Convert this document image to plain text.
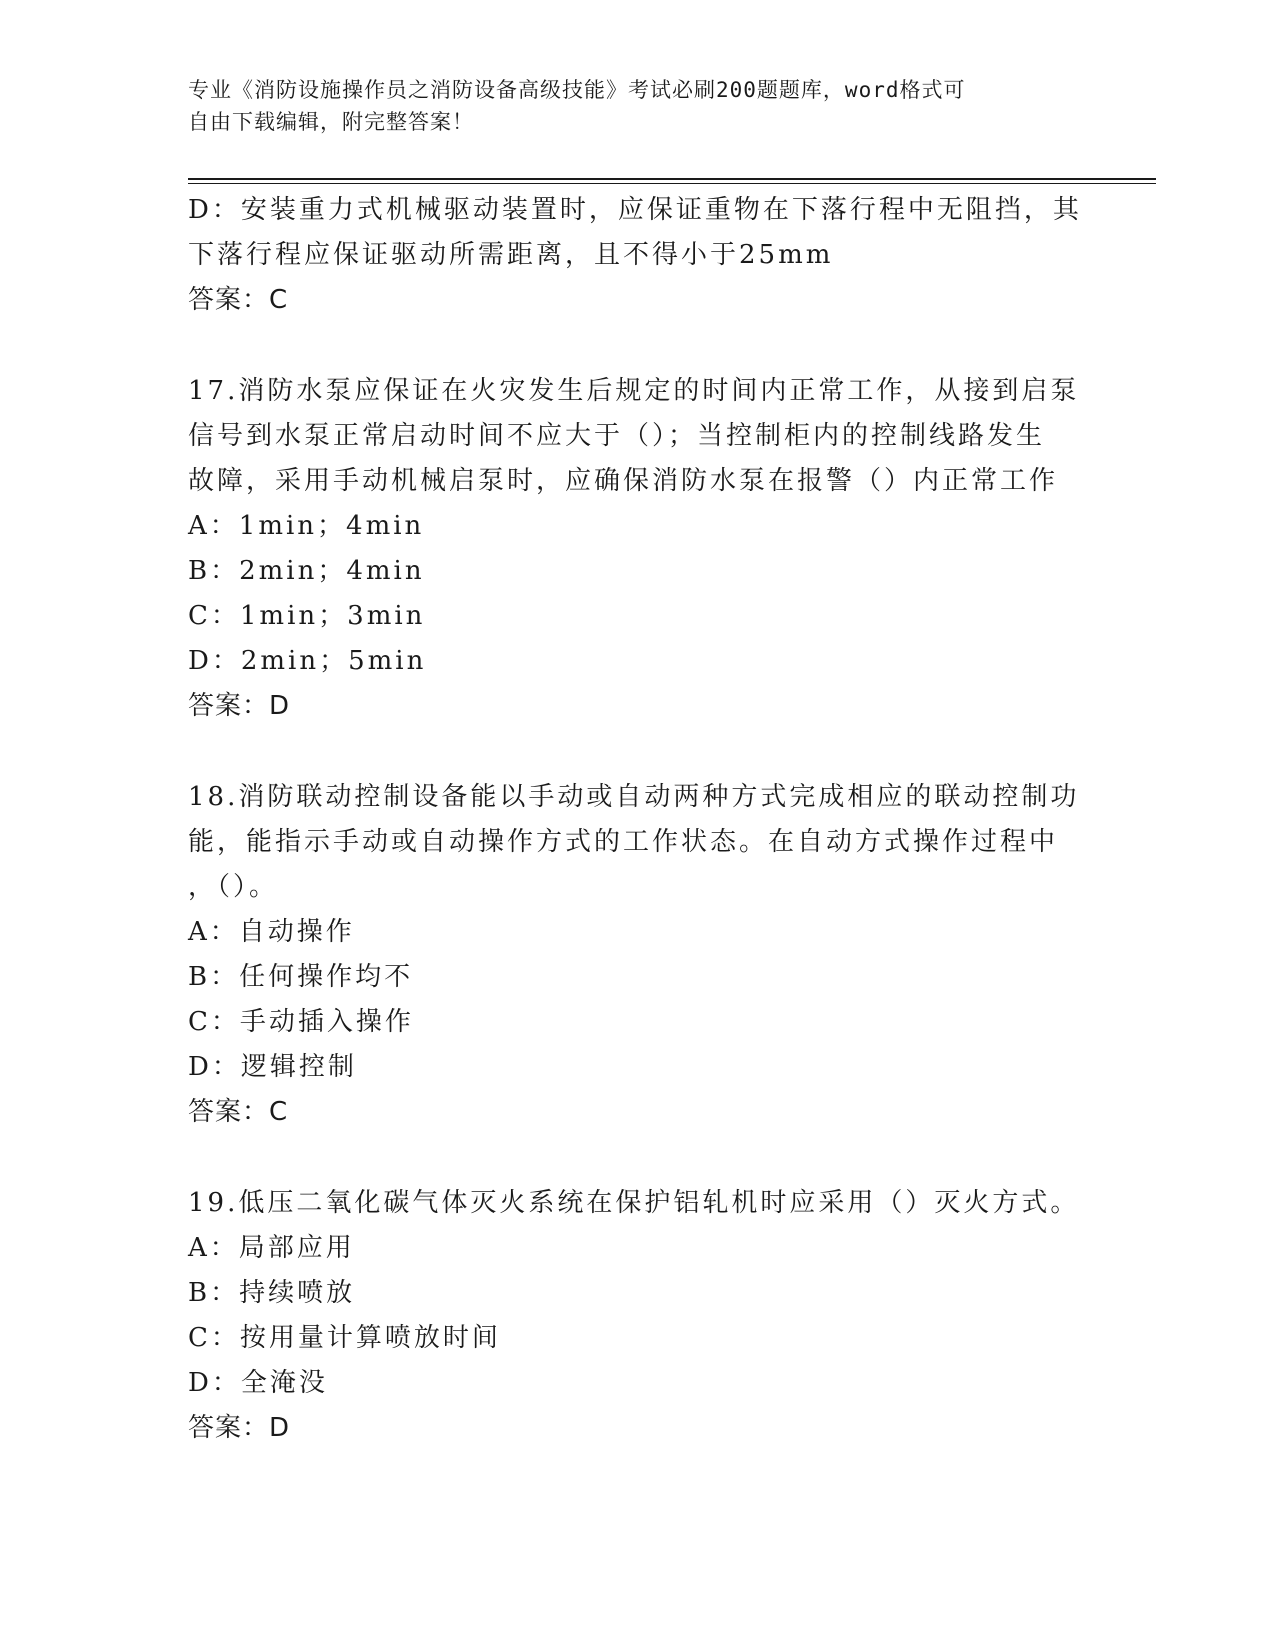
专业《消防设施操作员之消防设备高级技能》考试必刷200题题库，word格式可
自由下载编辑，附完整答案！
D：安装重力式机械驱动装置时，应保证重物在下落行程中无阻挡，其
下落行程应保证驱动所需距离，且不得小于25mm
答案：C
17.消防水泵应保证在火灾发生后规定的时间内正常工作，从接到启泵
信号到水泵正常启动时间不应大于（）；当控制柜内的控制线路发生
故障，采用手动机械启泵时，应确保消防水泵在报警（）内正常工作
A：1min；4min
B：2min；4min
C：1min；3min
D：2min；5min
答案：D
18.消防联动控制设备能以手动或自动两种方式完成相应的联动控制功
能，能指示手动或自动操作方式的工作状态。在自动方式操作过程中
，（）。
A：自动操作
B：任何操作均不
C：手动插入操作
D：逻辑控制
答案：C
19.低压二氧化碳气体灭火系统在保护铝轧机时应采用（）灭火方式。
A：局部应用
B：持续喷放
C：按用量计算喷放时间
D：全淹没
答案：D
